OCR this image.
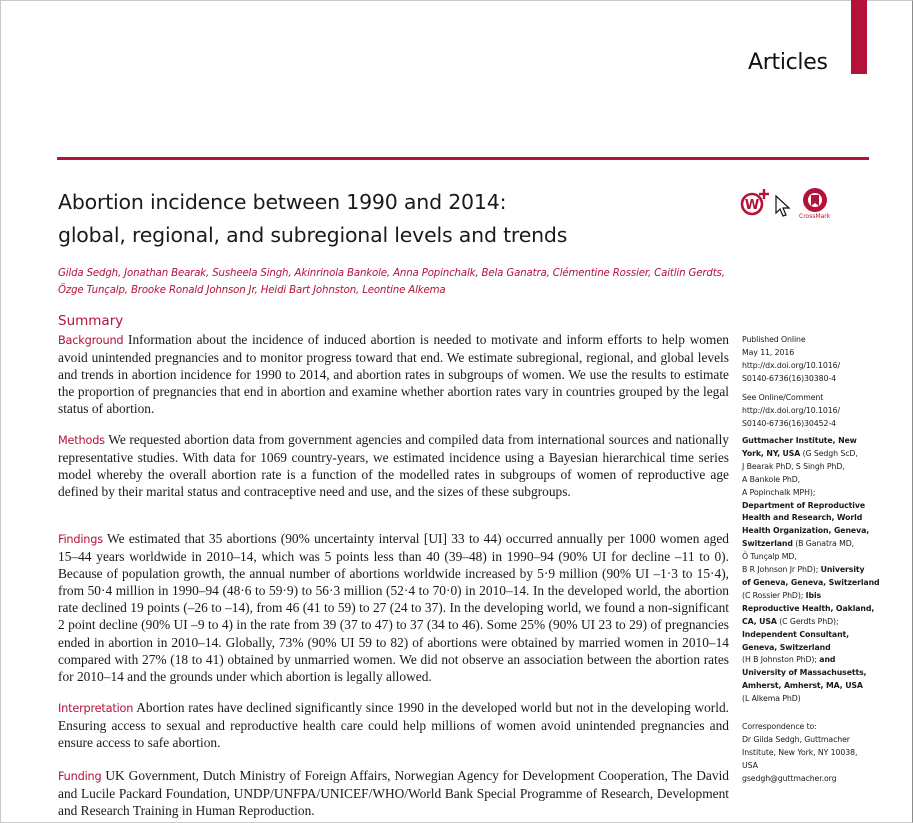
Articles
Abortion incidence between 1990 and 2014:
global, regional, and subregional levels and trends
W
CrossMark
Gilda Sedgh, Jonathan Bearak, Susheela Singh, Akinrinola Bankole, Anna Popinchalk, Bela Ganatra, Clémentine Rossier, Caitlin Gerdts,
Özge Tunçalp, Brooke Ronald Johnson Jr, Heidi Bart Johnston, Leontine Alkema
Summary

Background Information about the incidence of induced abortion is needed to motivate and inform efforts to help women avoid unintended pregnancies and to monitor progress toward that end. We estimate subregional, regional, and global levels and trends in abortion incidence for 1990 to 2014, and abortion rates in subgroups of women. We use the results to estimate the proportion of pregnancies that end in abortion and examine whether abortion rates vary in countries grouped by the legal status of abortion.

Methods We requested abortion data from government agencies and compiled data from international sources and nationally representative studies. With data for 1069 country-years, we estimated incidence using a Bayesian hierarchical time series model whereby the overall abortion rate is a function of the modelled rates in subgroups of women of reproductive age defined by their marital status and contraceptive need and use, and the sizes of these subgroups.

Findings We estimated that 35 abortions (90% uncertainty interval [UI] 33 to 44) occurred annually per 1000 women aged 15–44 years worldwide in 2010–14, which was 5 points less than 40 (39–48) in 1990–94 (90% UI for decline –11 to 0). Because of population growth, the annual number of abortions worldwide increased by 5·9 million (90% UI –1·3 to 15·4), from 50·4 million in 1990–94 (48·6 to 59·9) to 56·3 million (52·4 to 70·0) in 2010–14. In the developed world, the abortion rate declined 19 points (–26 to –14), from 46 (41 to 59) to 27 (24 to 37). In the developing world, we found a non-significant 2 point decline (90% UI –9 to 4) in the rate from 39 (37 to 47) to 37 (34 to 46). Some 25% (90% UI 23 to 29) of pregnancies ended in abortion in 2010–14. Globally, 73% (90% UI 59 to 82) of abortions were obtained by married women in 2010–14 compared with 27% (18 to 41) obtained by unmarried women. We did not observe an association between the abortion rates for 2010–14 and the grounds under which abortion is legally allowed.

Interpretation Abortion rates have declined significantly since 1990 in the developed world but not in the developing world. Ensuring access to sexual and reproductive health care could help millions of women avoid unintended pregnancies and ensure access to safe abortion.

Funding UK Government, Dutch Ministry of Foreign Affairs, Norwegian Agency for Development Cooperation, The David and Lucile Packard Foundation, UNDP/UNFPA/UNICEF/WHO/World Bank Special Programme of Research, Development and Research Training in Human Reproduction.

Published Online
May 11, 2016
http://dx.doi.org/10.1016/
S0140-6736(16)30380-4
See Online/Comment
http://dx.doi.org/10.1016/
S0140-6736(16)30452-4
Guttmacher Institute, New
York, NY, USA (G Sedgh ScD,
J Bearak PhD, S Singh PhD,
A Bankole PhD,
A Popinchalk MPH);
Department of Reproductive
Health and Research, World
Health Organization, Geneva,
Switzerland (B Ganatra MD,
Ö Tunçalp MD,
B R Johnson Jr PhD); University
of Geneva, Geneva, Switzerland
(C Rossier PhD); Ibis
Reproductive Health, Oakland,
CA, USA (C Gerdts PhD);
Independent Consultant,
Geneva, Switzerland
(H B Johnston PhD); and
University of Massachusetts,
Amherst, Amherst, MA, USA
(L Alkema PhD)
Correspondence to:
Dr Gilda Sedgh, Guttmacher
Institute, New York, NY 10038,
USA
gsedgh@guttmacher.org
